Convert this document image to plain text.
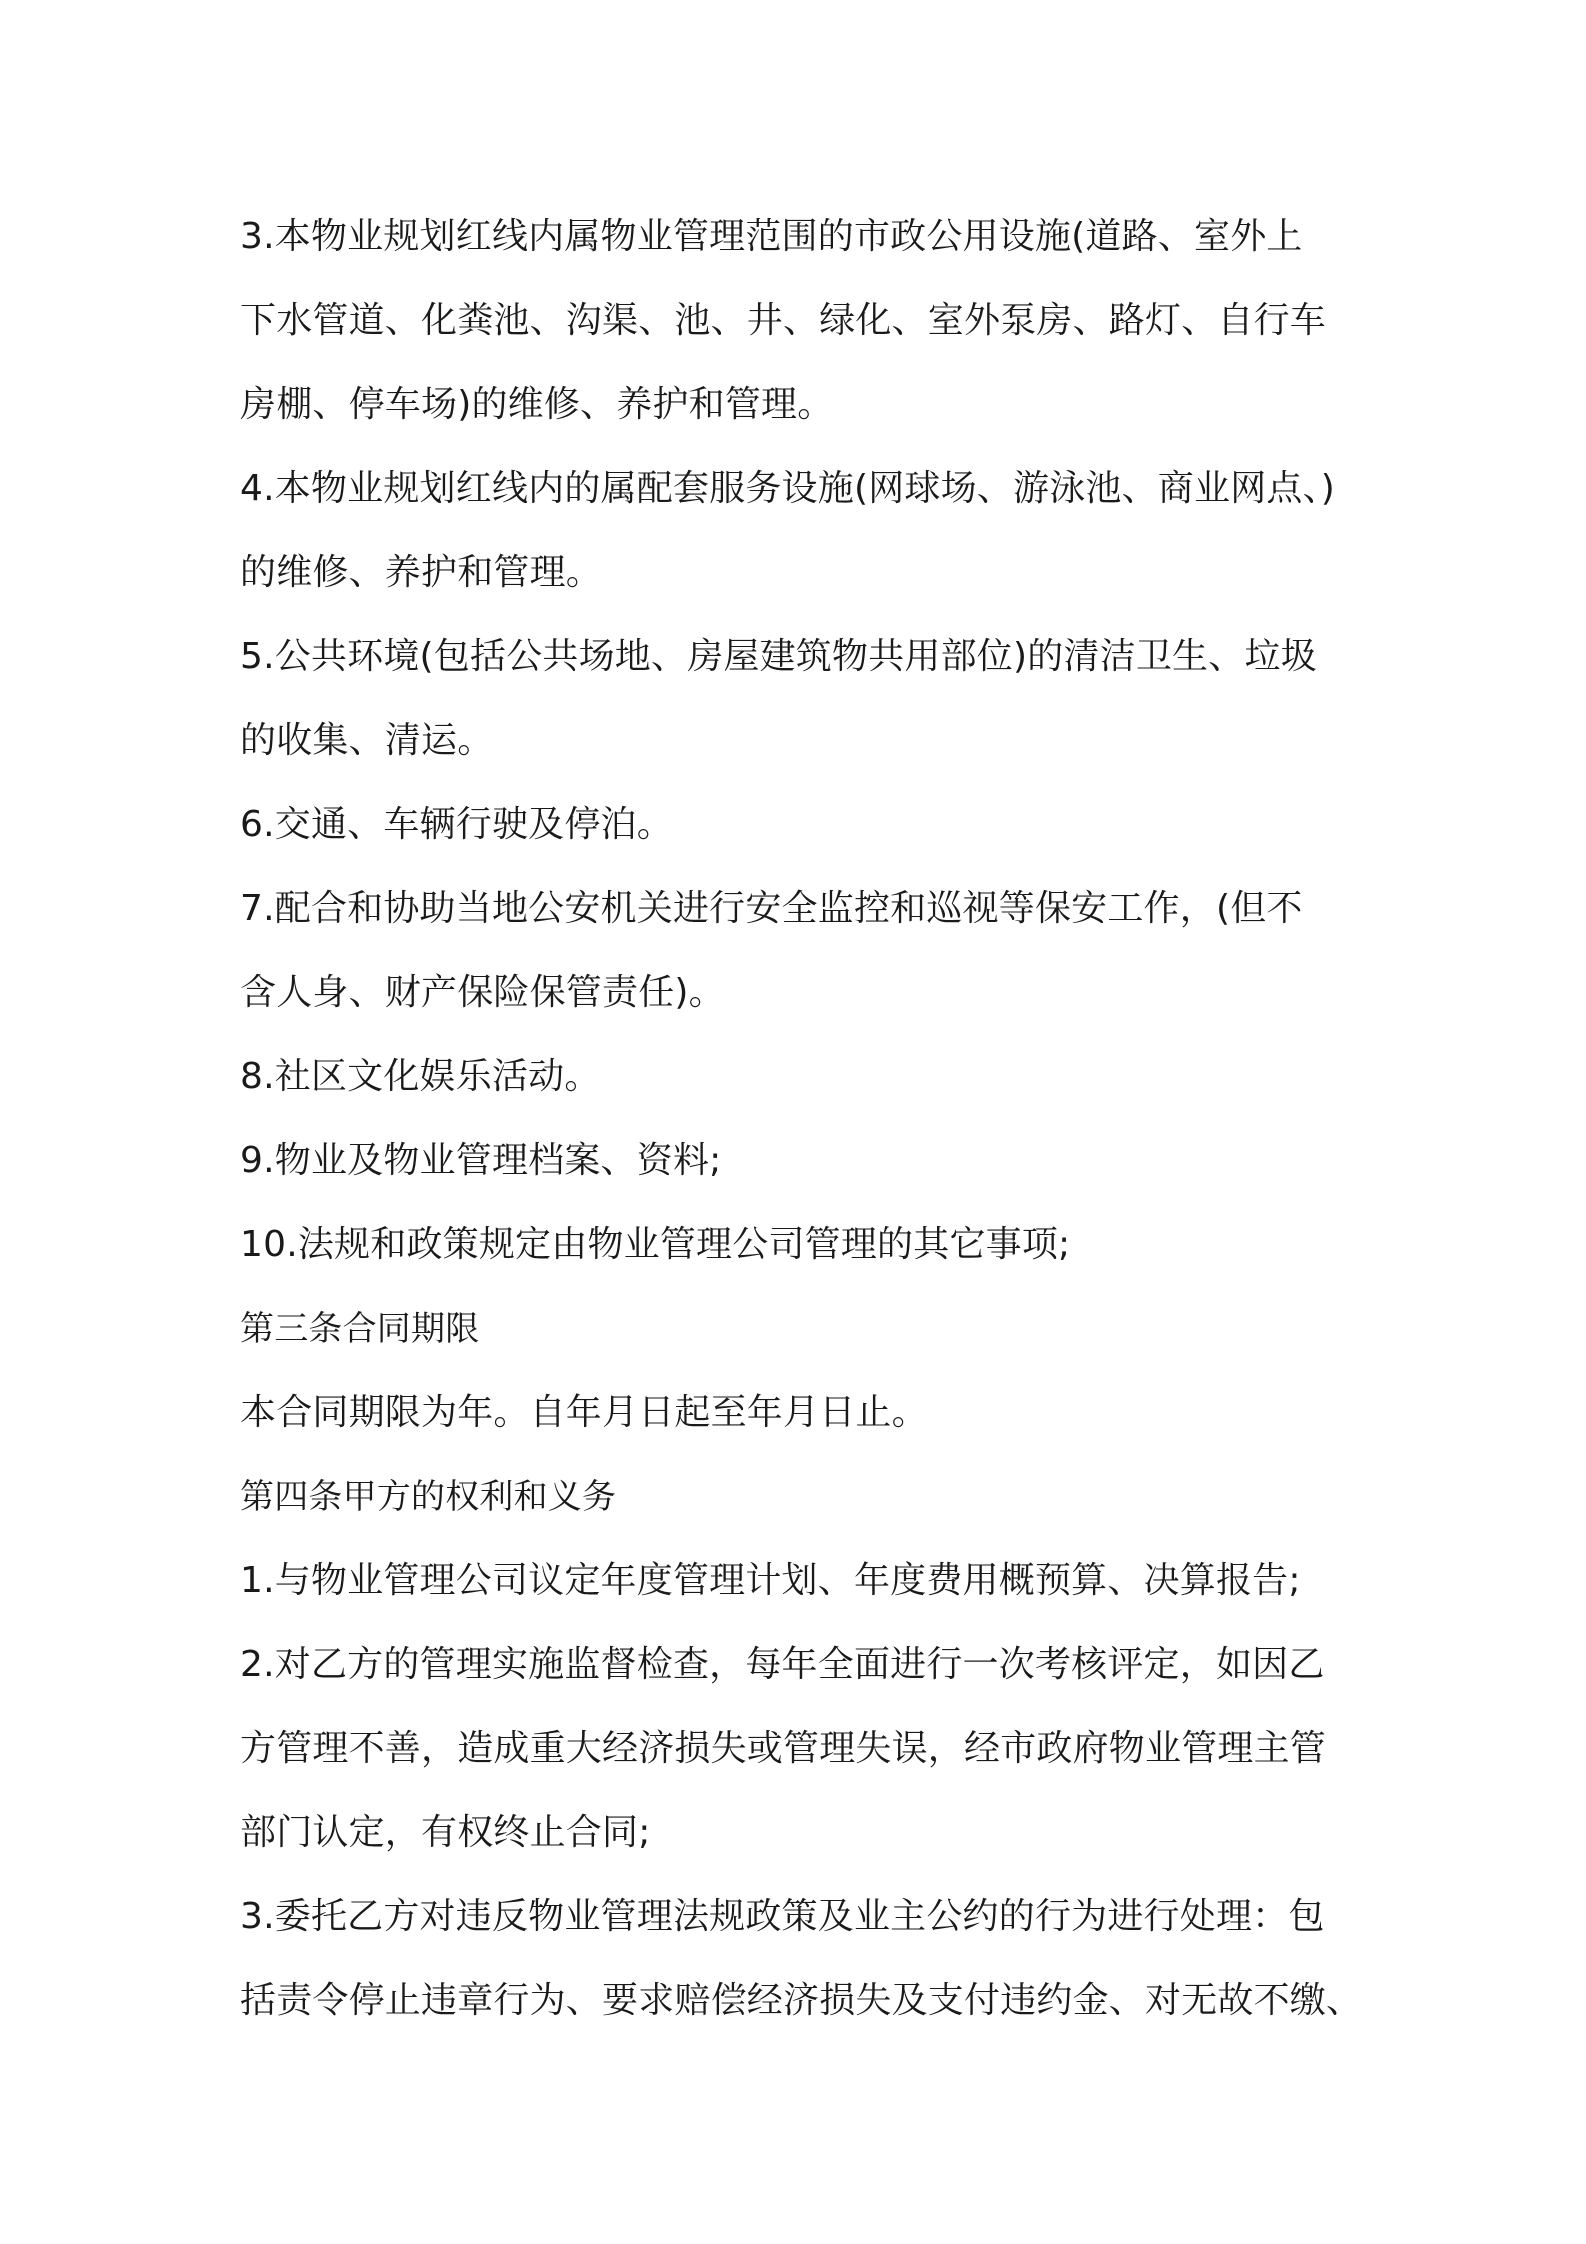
3.本物业规划红线内属物业管理范围的市政公用设施(道路、室外上
下水管道、化粪池、沟渠、池、井、绿化、室外泵房、路灯、自行车
房棚、停车场)的维修、养护和管理。
4.本物业规划红线内的属配套服务设施(网球场、游泳池、商业网点、)
的维修、养护和管理。
5.公共环境(包括公共场地、房屋建筑物共用部位)的清洁卫生、垃圾
的收集、清运。
6.交通、车辆行驶及停泊。
7.配合和协助当地公安机关进行安全监控和巡视等保安工作，(但不
含人身、财产保险保管责任)。
8.社区文化娱乐活动。
9.物业及物业管理档案、资料;
10.法规和政策规定由物业管理公司管理的其它事项;
第三条合同期限
本合同期限为年。自年月日起至年月日止。
第四条甲方的权利和义务
1.与物业管理公司议定年度管理计划、年度费用概预算、决算报告;
2.对乙方的管理实施监督检查，每年全面进行一次考核评定，如因乙
方管理不善，造成重大经济损失或管理失误，经市政府物业管理主管
部门认定，有权终止合同;
3.委托乙方对违反物业管理法规政策及业主公约的行为进行处理：包
括责令停止违章行为、要求赔偿经济损失及支付违约金、对无故不缴、
